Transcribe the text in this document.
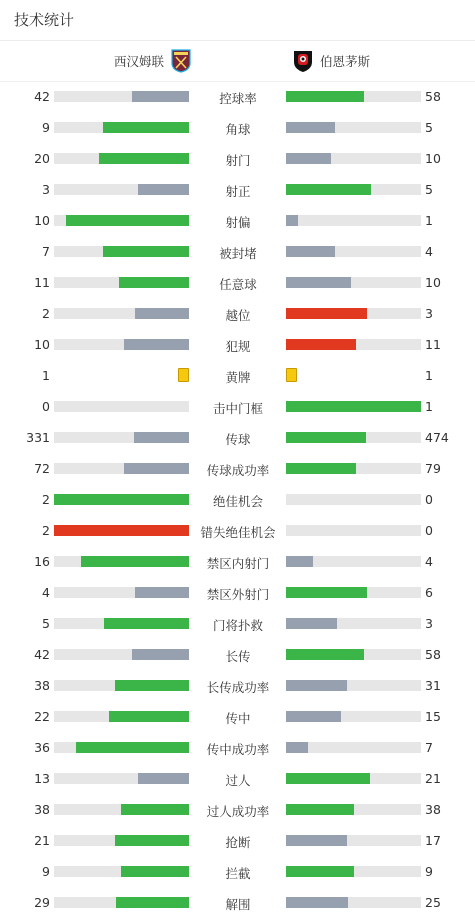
技术统计
西汉姆联	伯恩茅斯
42	控球率	58
9	角球	5
20	射门	10
3	射正	5
10	射偏	1
7	被封堵	4
11	任意球	10
2	越位	3
10	犯规	11
1	黄牌	1
0	击中门框	1
331	传球	474
72	传球成功率	79
2	绝佳机会	0
2	错失绝佳机会	0
16	禁区内射门	4
4	禁区外射门	6
5	门将扑救	3
42	长传	58
38	长传成功率	31
22	传中	15
36	传中成功率	7
13	过人	21
38	过人成功率	38
21	抢断	17
9	拦截	9
29	解围	25
